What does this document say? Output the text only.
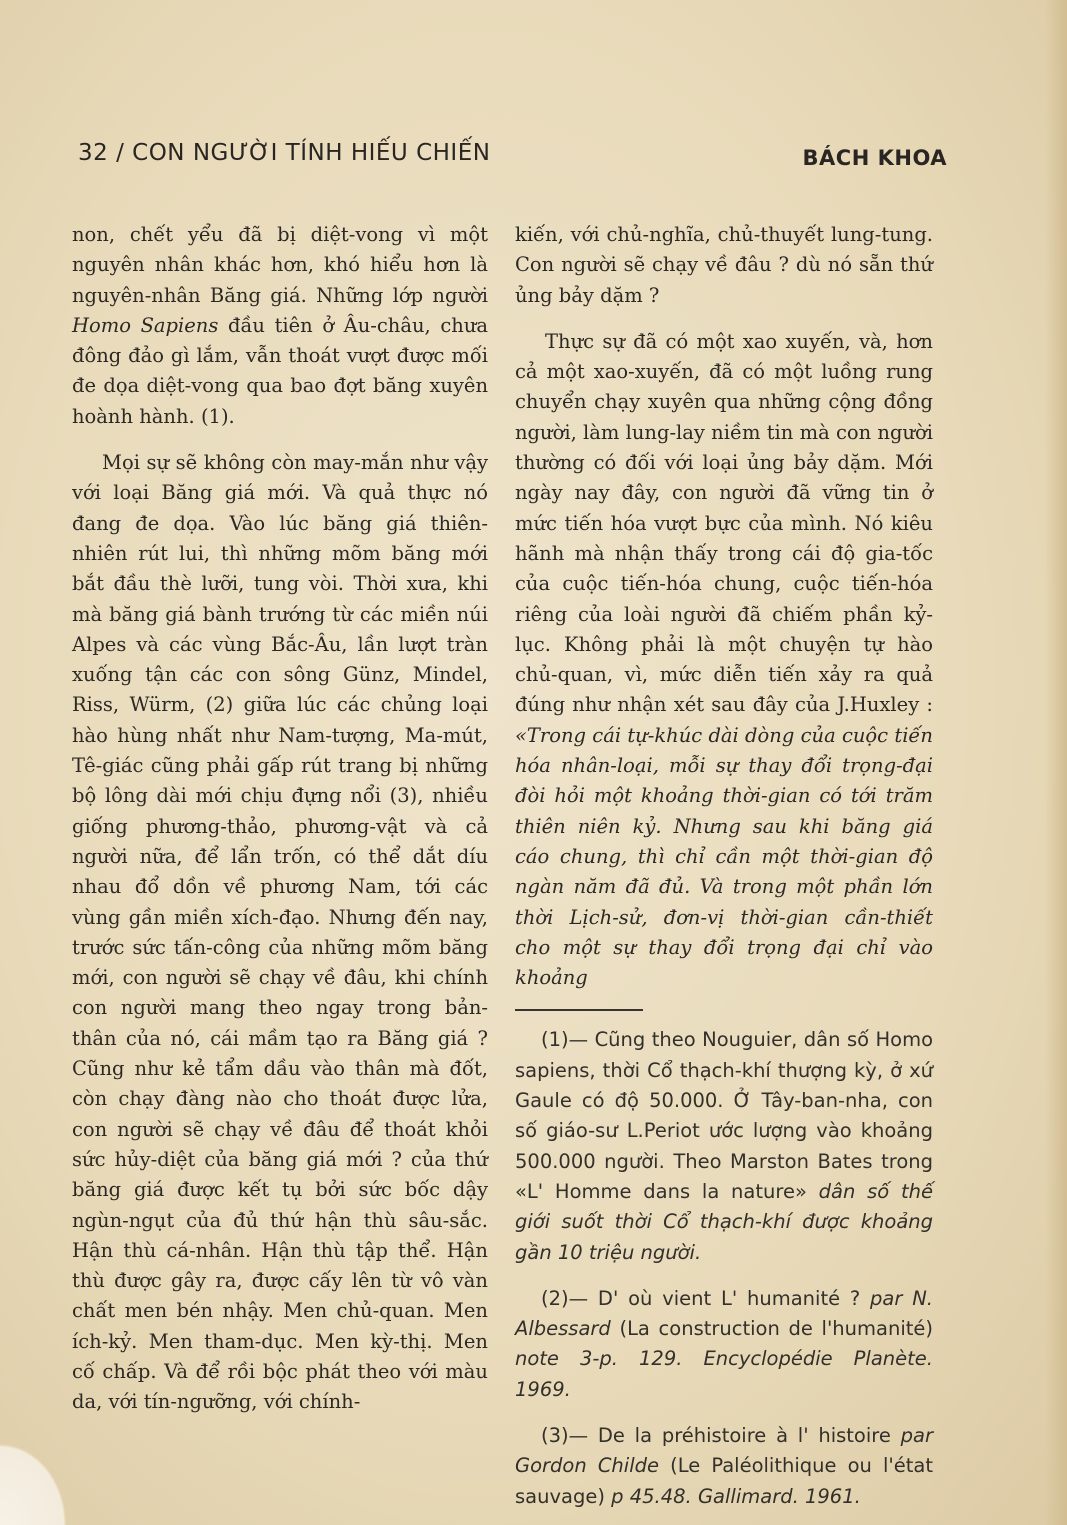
32 / CON NGƯỜI TÍNH HIẾU CHIẾN	BÁCH KHOA

non, chết yểu đã bị diệt-vong vì một nguyên nhân khác hơn, khó hiểu hơn là nguyên-nhân Băng giá. Những lớp người Homo Sapiens đầu tiên ở Âu-châu, chưa đông đảo gì lắm, vẫn thoát vượt được mối đe dọa diệt-vong qua bao đợt băng xuyên hoành hành. (1).

Mọi sự sẽ không còn may-mắn như vậy với loại Băng giá mới. Và quả thực nó đang đe dọa. Vào lúc băng giá thiên-nhiên rút lui, thì những mõm băng mới bắt đầu thè lưỡi, tung vòi. Thời xưa, khi mà băng giá bành trướng từ các miền núi Alpes và các vùng Bắc-Âu, lần lượt tràn xuống tận các con sông Günz, Mindel, Riss, Würm, (2) giữa lúc các chủng loại hào hùng nhất như Nam-tượng, Ma-mút, Tê-giác cũng phải gấp rút trang bị những bộ lông dài mới chịu đựng nổi (3), nhiều giống phương-thảo, phương-vật và cả người nữa, để lẩn trốn, có thể dắt díu nhau đổ dồn về phương Nam, tới các vùng gần miền xích-đạo. Nhưng đến nay, trước sức tấn-công của những mõm băng mới, con người sẽ chạy về đâu, khi chính con người mang theo ngay trong bản-thân của nó, cái mầm tạo ra Băng giá ? Cũng như kẻ tẩm dầu vào thân mà đốt, còn chạy đàng nào cho thoát được lửa, con người sẽ chạy về đâu để thoát khỏi sức hủy-diệt của băng giá mới ? của thứ băng giá được kết tụ bởi sức bốc dậy ngùn-ngụt của đủ thứ hận thù sâu-sắc. Hận thù cá-nhân. Hận thù tập thể. Hận thù được gây ra, được cấy lên từ vô vàn chất men bén nhậy. Men chủ-quan. Men ích-kỷ. Men tham-dục. Men kỳ-thị. Men cố chấp. Và để rồi bộc phát theo với màu da, với tín-ngưỡng, với chính-

kiến, với chủ-nghĩa, chủ-thuyết lung-tung. Con người sẽ chạy về đâu ? dù nó sẵn thứ ủng bảy dặm ?

Thực sự đã có một xao xuyến, và, hơn cả một xao-xuyến, đã có một luồng rung chuyển chạy xuyên qua những cộng đồng người, làm lung-lay niềm tin mà con người thường có đối với loại ủng bảy dặm. Mới ngày nay đây, con người đã vững tin ở mức tiến hóa vượt bực của mình. Nó kiêu hãnh mà nhận thấy trong cái độ gia-tốc của cuộc tiến-hóa chung, cuộc tiến-hóa riêng của loài người đã chiếm phần kỷ-lục. Không phải là một chuyện tự hào chủ-quan, vì, mức diễn tiến xảy ra quả đúng như nhận xét sau đây của J.Huxley : «Trong cái tự-khúc dài dòng của cuộc tiến hóa nhân-loại, mỗi sự thay đổi trọng-đại đòi hỏi một khoảng thời-gian có tới trăm thiên niên kỷ. Nhưng sau khi băng giá cáo chung, thì chỉ cần một thời-gian độ ngàn năm đã đủ. Và trong một phần lớn thời Lịch-sử, đơn-vị thời-gian cần-thiết cho một sự thay đổi trọng đại chỉ vào khoảng

(1)— Cũng theo Nouguier, dân số Homo sapiens, thời Cổ thạch-khí thượng kỳ, ở xứ Gaule có độ 50.000. Ở Tây-ban-nha, con số giáo-sư L.Periot ước lượng vào khoảng 500.000 người. Theo Marston Bates trong «L' Homme dans la nature» dân số thế giới suốt thời Cổ thạch-khí được khoảng gần 10 triệu người.

(2)— D' où vient L' humanité ? par N. Albessard (La construction de l'humanité) note 3-p. 129. Encyclopédie Planète. 1969.

(3)— De la préhistoire à l' histoire par Gordon Childe (Le Paléolithique ou l'état sauvage) p 45.48. Gallimard. 1961.
